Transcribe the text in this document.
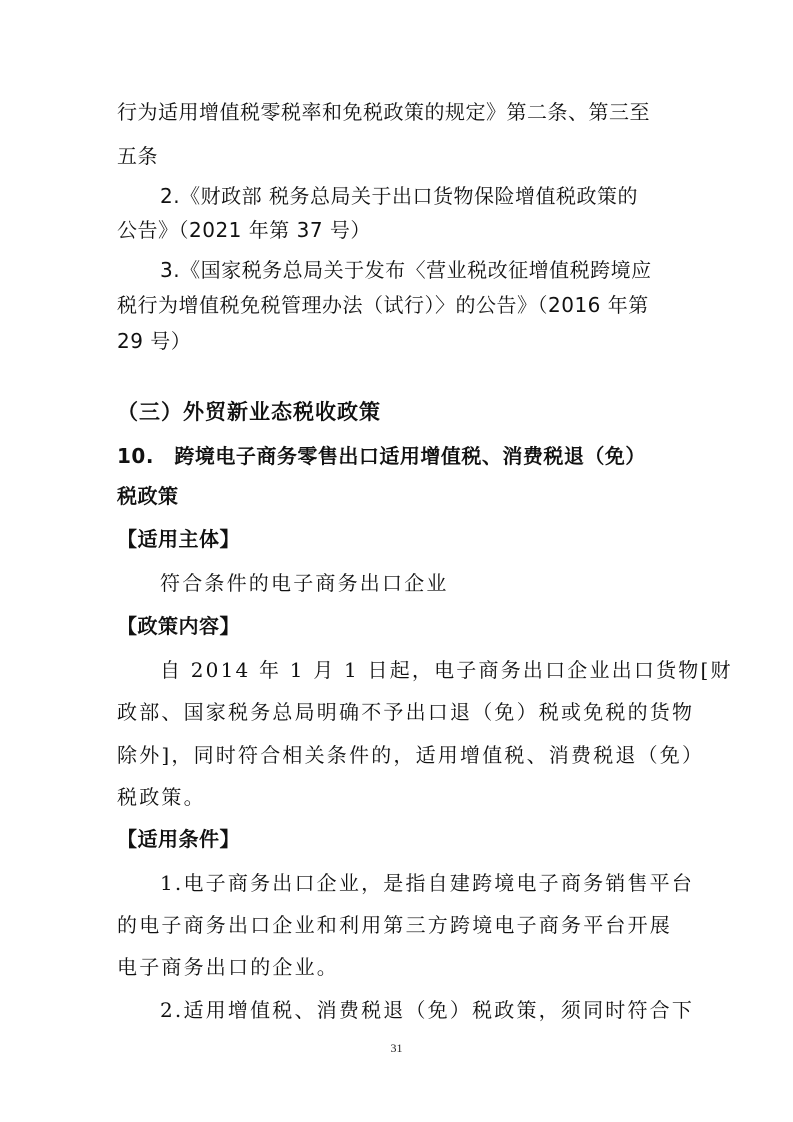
行为适用增值税零税率和免税政策的规定》第二条、第三至
五条
2.《财政部 税务总局关于出口货物保险增值税政策的
公告》（2021 年第 37 号）
3.《国家税务总局关于发布〈营业税改征增值税跨境应
税行为增值税免税管理办法（试行）〉的公告》（2016 年第
29 号）
（三）外贸新业态税收政策
10.　跨境电子商务零售出口适用增值税、消费税退（免）
税政策
【适用主体】
符合条件的电子商务出口企业
【政策内容】
自 2014 年 1 月 1 日起，电子商务出口企业出口货物[财
政部、国家税务总局明确不予出口退（免）税或免税的货物
除外]，同时符合相关条件的，适用增值税、消费税退（免）
税政策。
【适用条件】
1.电子商务出口企业，是指自建跨境电子商务销售平台
的电子商务出口企业和利用第三方跨境电子商务平台开展
电子商务出口的企业。
2.适用增值税、消费税退（免）税政策，须同时符合下
31
